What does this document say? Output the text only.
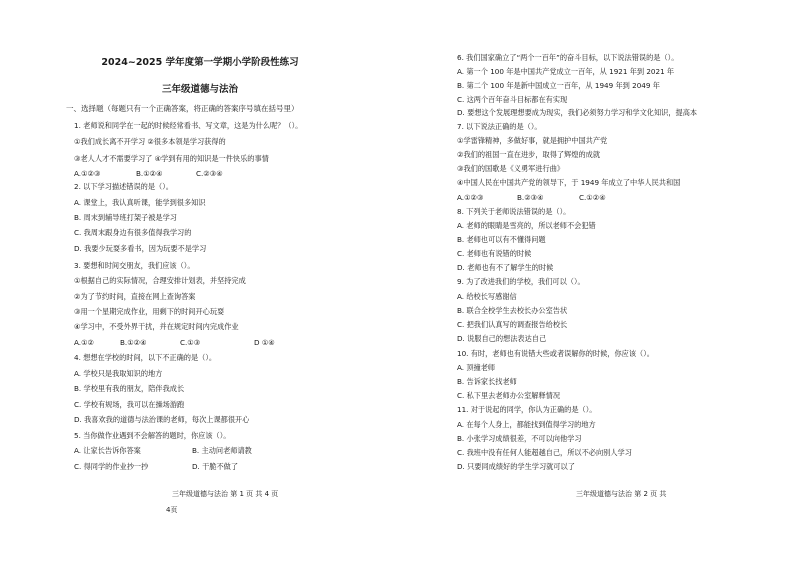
2024~2025 学年度第一学期小学阶段性练习
三年级道德与法治
一、选择题（每题只有一个正确答案，将正确的答案序号填在括号里）
1. 老师说和同学在一起的时候经常看书、写文章，这是为什么呢？（）。
①我们成长离不开学习 ②很多本领是学习获得的
③老人人才不需要学习了 ④学到有用的知识是一件快乐的事情
A.①②③	B.①②④	C.②③④
2. 以下学习描述错误的是（）。
A. 课堂上，我认真听课，能学到很多知识
B. 周末到辅导班打架子被是学习
C. 我周末跟身边有很多值得我学习的
D. 我要少玩耍多看书，因为玩要不是学习
3. 要想和时间交朋友，我们应该（）。
①根据自己的实际情况，合理安排计划表，并坚持完成
②为了节约时间，直接在网上查询答案
③用一个星期完成作业，用剩下的时间开心玩耍
④学习中，不受外界干扰，并在规定时间内完成作业
A.①②	B.①②④	C.①③	D ①④
4. 想想在学校的时间，以下不正确的是（）。
A. 学校只是我取知识的地方
B. 学校里有我的朋友，陪伴我成长
C. 学校有规场，我可以在操场游跑
D. 我喜欢我的道德与法治课的老师，每次上课都很开心
5. 当你做作业遇到不会解答的题时，你应该（）。
A. 让家长告诉你答案	B. 主动问老师请教
C. 得同学的作业抄一抄	D. 干脆不做了
三年级道德与法治 第 1 页 共 4 页
4页
6. 我们国家确立了“两个一百年”的奋斗目标，以下说法错误的是（）。
A. 第一个 100 年是中国共产党成立一百年，从 1921 年到 2021 年
B. 第二个 100 年是新中国成立一百年，从 1949 年到 2049 年
C. 这两个百年奋斗目标都在有实现
D. 要想这个发展理想要成为现实，我们必须努力学习和学文化知识，提高本
7. 以下说法正确的是（）。
①学雷锋精神，多做好事，就是拥护中国共产党
②我们的祖国一直在进步，取得了辉煌的成就
③我们的国歌是《义勇军进行曲》
④中国人民在中国共产党的领导下，于 1949 年成立了中华人民共和国
A.①②③	B.②③④	C.①②④
8. 下列关于老师说法错误的是（）。
A. 老师的眼睛是雪亮的，所以老师不会犯错
B. 老师也可以有不懂得问题
C. 老师也有说错的时候
D. 老师也有不了解学生的时候
9. 为了改进我们的学校，我们可以（）。
A. 给校长写感谢信
B. 联合全校学生去校长办公室告状
C. 把我们认真写的调查报告给校长
D. 说服自己的想法表达自己
10. 有时，老师也有说错大些或者误解你的时候，你应该（）。
A. 顶撞老师
B. 告诉家长找老师
C. 私下里去老师办公室解释情况
11. 对于说起的同学，你认为正确的是（）。
A. 在每个人身上，都能找到值得学习的地方
B. 小张学习成绩很差，不可以向他学习
C. 我班中没有任何人能超越自己，所以不必向别人学习
D. 只要同成绩好的学生学习就可以了
三年级道德与法治 第 2 页 共
